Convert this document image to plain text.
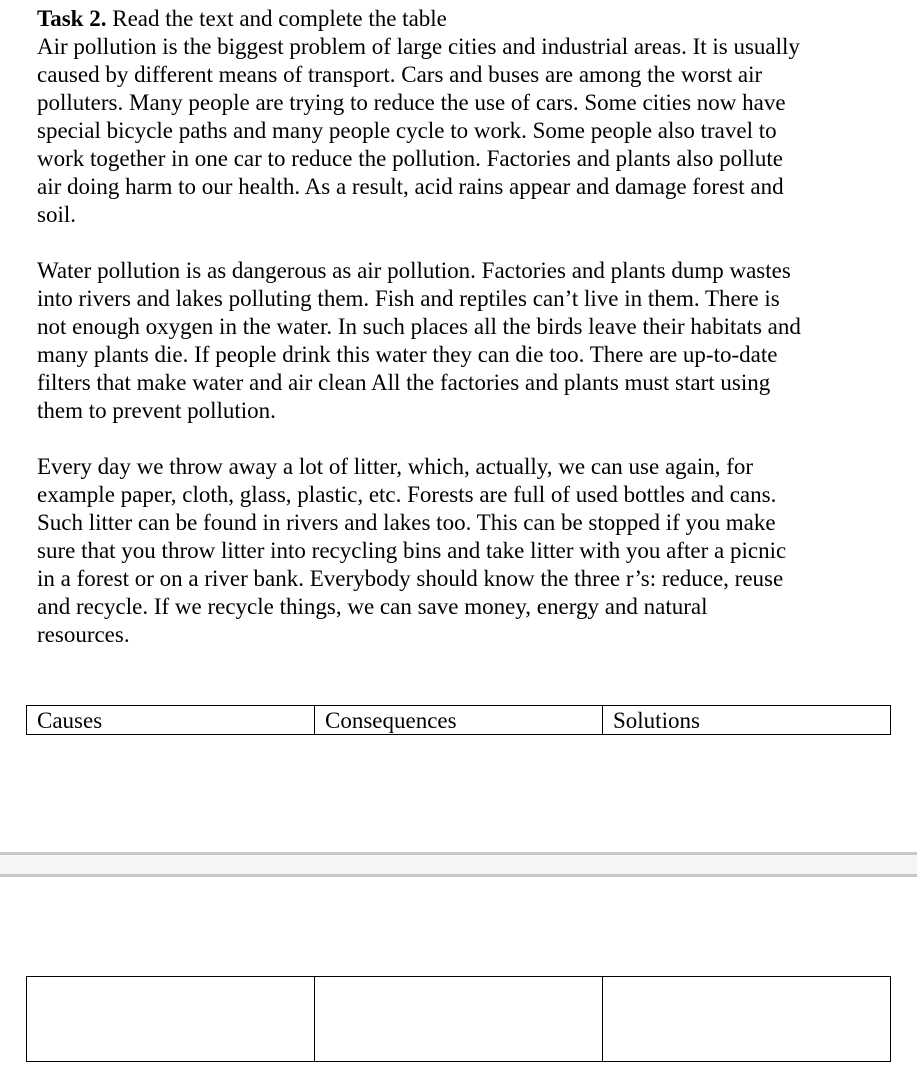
Task 2. Read the text and complete the table
Air pollution is the biggest problem of large cities and industrial areas. It is usually
caused by different means of transport. Cars and buses are among the worst air
polluters. Many people are trying to reduce the use of cars. Some cities now have
special bicycle paths and many people cycle to work. Some people also travel to
work together in one car to reduce the pollution. Factories and plants also pollute
air doing harm to our health. As a result, acid rains appear and damage forest and
soil.
Water pollution is as dangerous as air pollution. Factories and plants dump wastes
into rivers and lakes polluting them. Fish and reptiles can’t live in them. There is
not enough oxygen in the water. In such places all the birds leave their habitats and
many plants die. If people drink this water they can die too. There are up-to-date
filters that make water and air clean All the factories and plants must start using
them to prevent pollution.
Every day we throw away a lot of litter, which, actually, we can use again, for
example paper, cloth, glass, plastic, etc. Forests are full of used bottles and cans.
Such litter can be found in rivers and lakes too. This can be stopped if you make
sure that you throw litter into recycling bins and take litter with you after a picnic
in a forest or on a river bank. Everybody should know the three r’s: reduce, reuse
and recycle. If we recycle things, we can save money, energy and natural
resources.
Causes	Consequences	Solutions
